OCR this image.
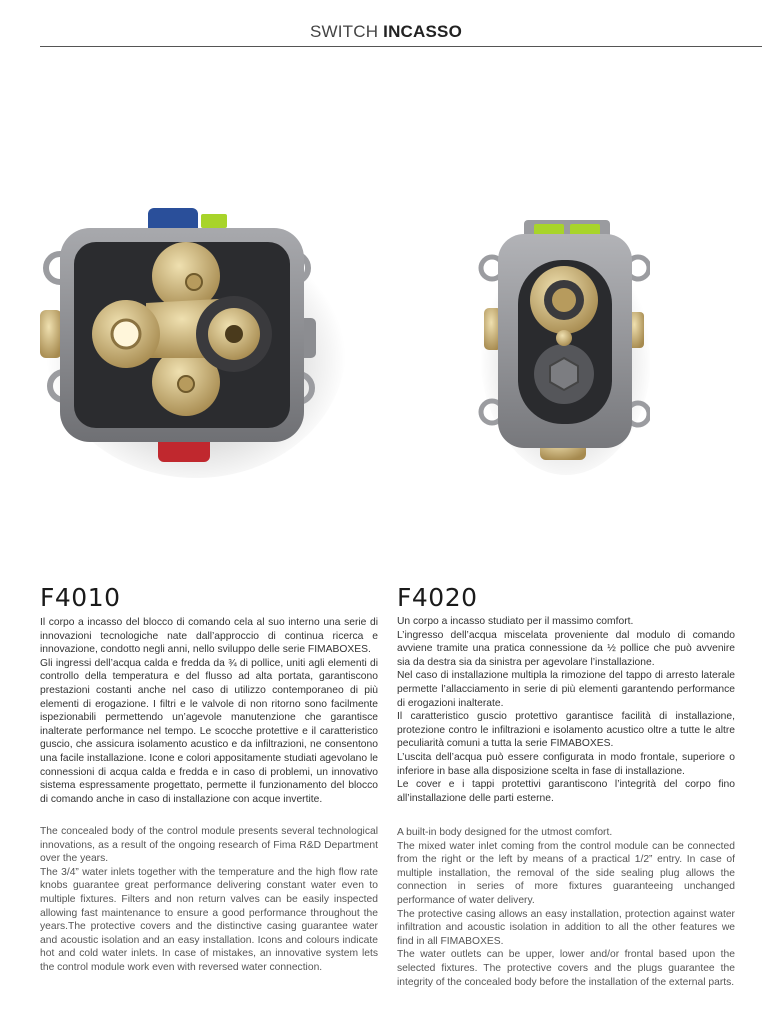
SWITCH INCASSO
F4010	F4020

Il corpo a incasso del blocco di comando cela al suo interno una serie di innovazioni tecnologiche nate dall’approccio di continua ricerca e innovazione, condotto negli anni, nello sviluppo delle serie FIMABOXES.

Gli ingressi dell’acqua calda e fredda da ¾ di pollice, uniti agli elementi di controllo della temperatura e del flusso ad alta portata, garantiscono prestazioni costanti anche nel caso di utilizzo contemporaneo di più elementi di erogazione. I filtri e le valvole di non ritorno sono facilmente ispezionabili permettendo un’agevole manutenzione che garantisce inalterate performance nel tempo. Le scocche protettive e il caratteristico guscio, che assicura isolamento acustico e da infiltrazioni, ne consentono una facile installazione. Icone e colori appositamente studiati agevolano le connessioni di acqua calda e fredda e in caso di problemi, un innovativo sistema espressamente progettato, permette il funzionamento del blocco di comando anche in caso di installazione con acque invertite.

The concealed body of the control module presents several technological innovations, as a result of the ongoing research of Fima R&D Department over the years.

The 3/4” water inlets together with the temperature and the high flow rate knobs guarantee great performance delivering constant water even to multiple fixtures. Filters and non return valves can be easily inspected allowing fast maintenance to ensure a good performance throughout the years.The protective covers and the distinctive casing guarantee water and acoustic isolation and an easy installation. Icons and colours indicate hot and cold water inlets. In case of mistakes, an innovative system lets the control module work even with reversed water connection.

Un corpo a incasso studiato per il massimo comfort.

L’ingresso dell’acqua miscelata proveniente dal modulo di comando avviene tramite una pratica connessione da ½ pollice che può avvenire sia da destra sia da sinistra per agevolare l’installazione.

Nel caso di installazione multipla la rimozione del tappo di arresto laterale permette l’allacciamento in serie di più elementi garantendo performance di erogazioni inalterate.

Il caratteristico guscio protettivo garantisce facilità di installazione, protezione contro le infiltrazioni e isolamento acustico oltre a tutte le altre peculiarità comuni a tutta la serie FIMABOXES.

L’uscita dell’acqua può essere configurata in modo frontale, superiore o inferiore in base alla disposizione scelta in fase di installazione.

Le cover e i tappi protettivi garantiscono l’integrità del corpo fino all’installazione delle parti esterne.

A built-in body designed for the utmost comfort.

The mixed water inlet coming from the control module can be connected from the right or the left by means of a practical 1/2” entry. In case of multiple installation, the removal of the side sealing plug allows the connection in series of more fixtures guaranteeing unchanged performance of water delivery.

The protective casing allows an easy installation, protection against water infiltration and acoustic isolation in addition to all the other features we find in all FIMABOXES.

The water outlets can be upper, lower and/or frontal based upon the selected fixtures. The protective covers and the plugs guarantee the integrity of the concealed body before the installation of the external parts.
